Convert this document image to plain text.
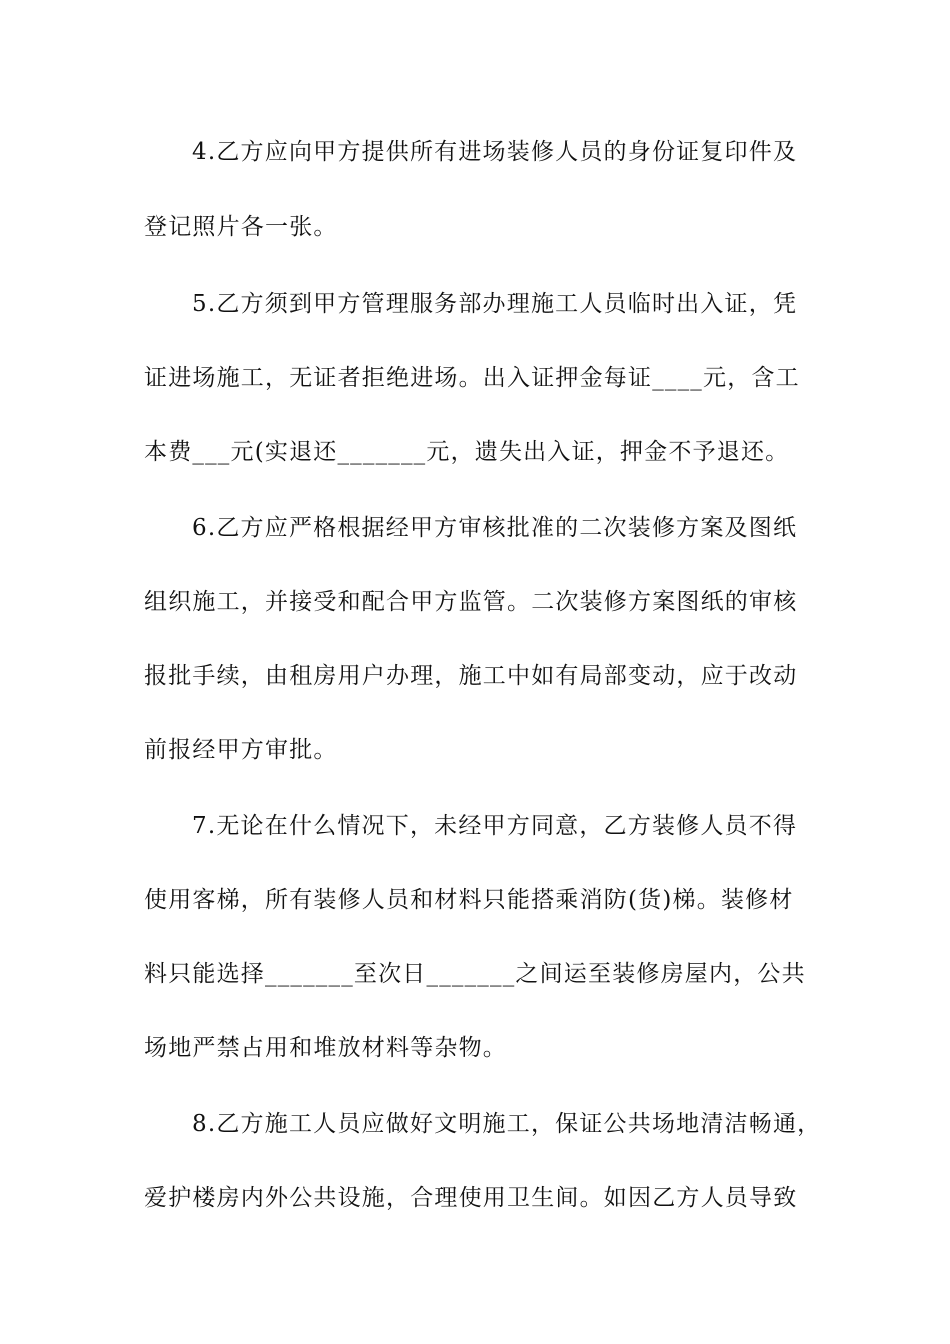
4.乙方应向甲方提供所有进场装修人员的身份证复印件及
登记照片各一张。
5.乙方须到甲方管理服务部办理施工人员临时出入证，凭
证进场施工，无证者拒绝进场。出入证押金每证____元，含工
本费___元(实退还_______元，遗失出入证，押金不予退还。
6.乙方应严格根据经甲方审核批准的二次装修方案及图纸
组织施工，并接受和配合甲方监管。二次装修方案图纸的审核
报批手续，由租房用户办理，施工中如有局部变动，应于改动
前报经甲方审批。
7.无论在什么情况下，未经甲方同意，乙方装修人员不得
使用客梯，所有装修人员和材料只能搭乘消防(货)梯。装修材
料只能选择_______至次日_______之间运至装修房屋内，公共
场地严禁占用和堆放材料等杂物。
8.乙方施工人员应做好文明施工，保证公共场地清洁畅通，
爱护楼房内外公共设施，合理使用卫生间。如因乙方人员导致
